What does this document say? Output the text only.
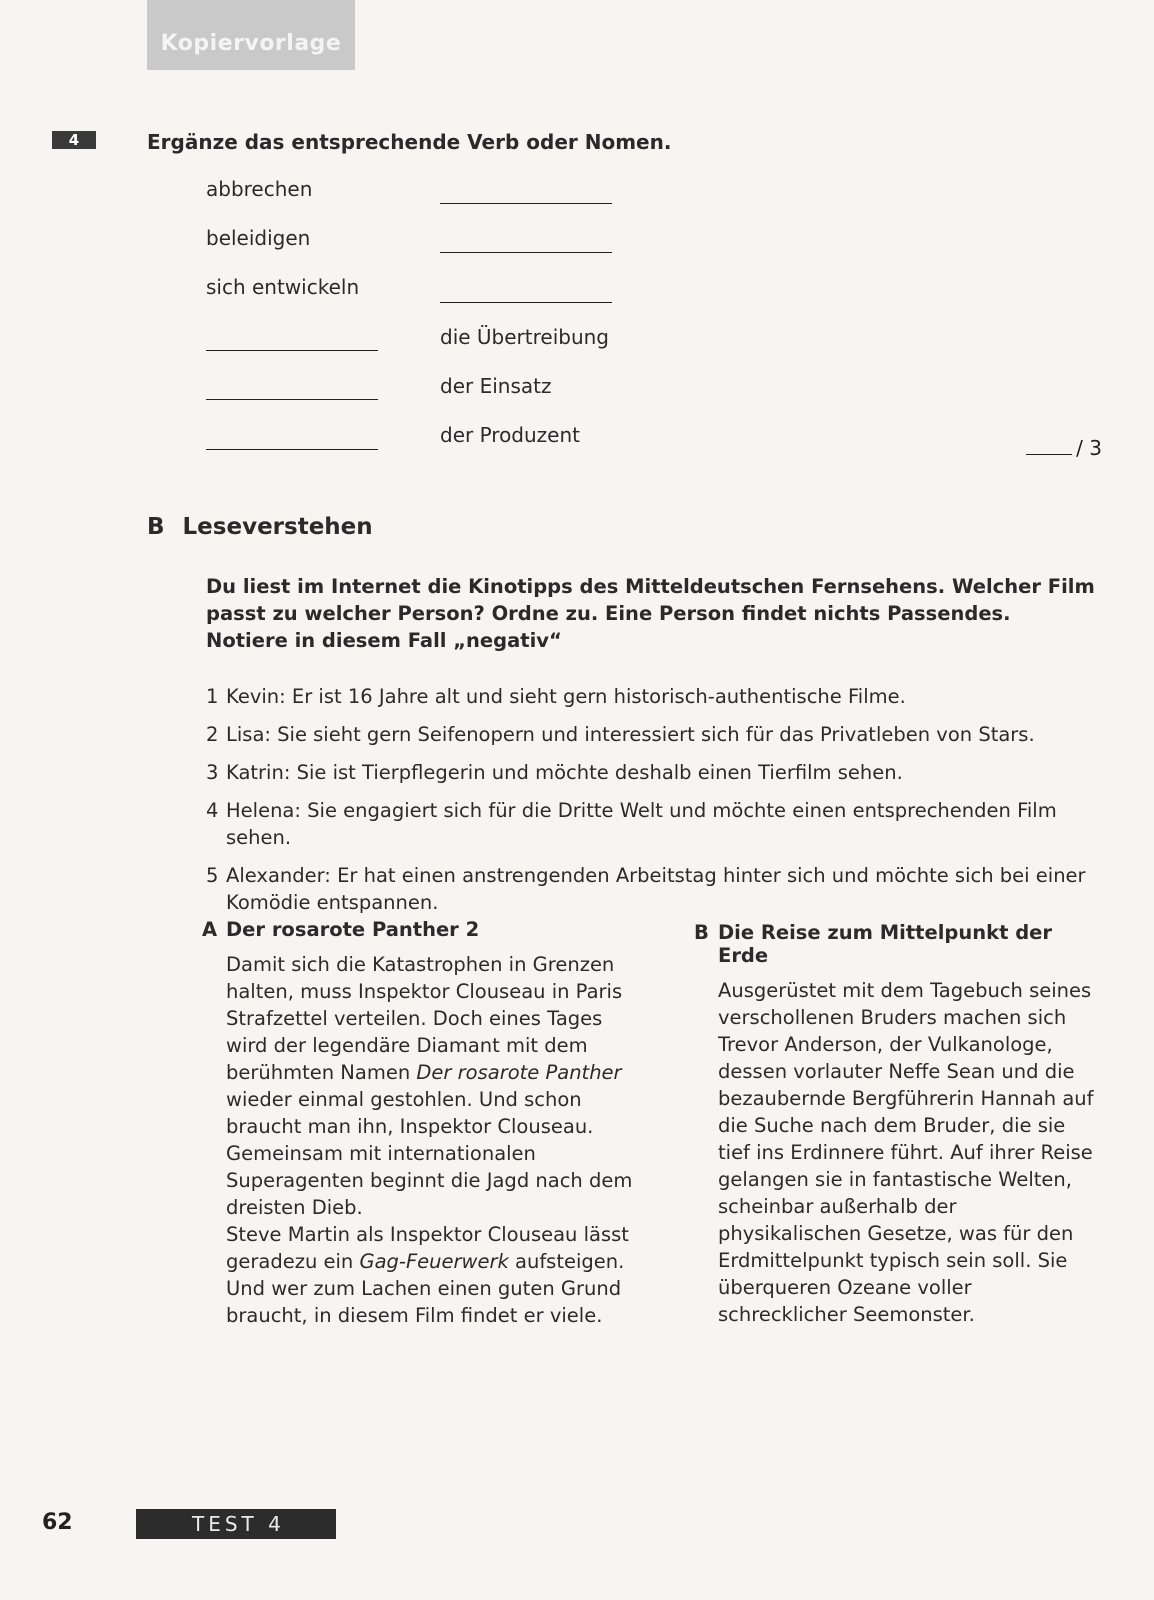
Kopiervorlage
4	Ergänze das entsprechende Verb oder Nomen.
abbrechen
beleidigen
sich entwickeln
die Übertreibung
der Einsatz
der Produzent
/ 3
B Leseverstehen
Du liest im Internet die Kinotipps des Mitteldeutschen Fernsehens. Welcher Film passt zu welcher Person? Ordne zu. Eine Person findet nichts Passendes. Notiere in diesem Fall „negativ“
1 Kevin: Er ist 16 Jahre alt und sieht gern historisch-authentische Filme.
2 Lisa: Sie sieht gern Seifenopern und interessiert sich für das Privatleben von Stars.
3 Katrin: Sie ist Tierpflegerin und möchte deshalb einen Tierfilm sehen.
4 Helena: Sie engagiert sich für die Dritte Welt und möchte einen entsprechenden Film sehen.
5 Alexander: Er hat einen anstrengenden Arbeitstag hinter sich und möchte sich bei einer Komödie entspannen.
A Der rosarote Panther 2

Damit sich die Katastrophen in Grenzen halten, muss Inspektor Clouseau in Paris Strafzettel verteilen. Doch eines Tages wird der legendäre Diamant mit dem berühmten Namen Der rosarote Panther wieder einmal gestohlen. Und schon braucht man ihn, Inspektor Clouseau. Gemeinsam mit internationalen Superagenten beginnt die Jagd nach dem dreisten Dieb.

Steve Martin als Inspektor Clouseau lässt geradezu ein Gag-Feuerwerk aufsteigen. Und wer zum Lachen einen guten Grund braucht, in diesem Film findet er viele.

B Die Reise zum Mittelpunkt der Erde

Ausgerüstet mit dem Tagebuch seines verschollenen Bruders machen sich Trevor Anderson, der Vulkanologe, dessen vorlauter Neffe Sean und die bezaubernde Bergführerin Hannah auf die Suche nach dem Bruder, die sie tief ins Erdinnere führt. Auf ihrer Reise gelangen sie in fantastische Welten, scheinbar außerhalb der physikalischen Gesetze, was für den Erdmittelpunkt typisch sein soll. Sie überqueren Ozeane voller schrecklicher Seemonster.

62	TEST 4
